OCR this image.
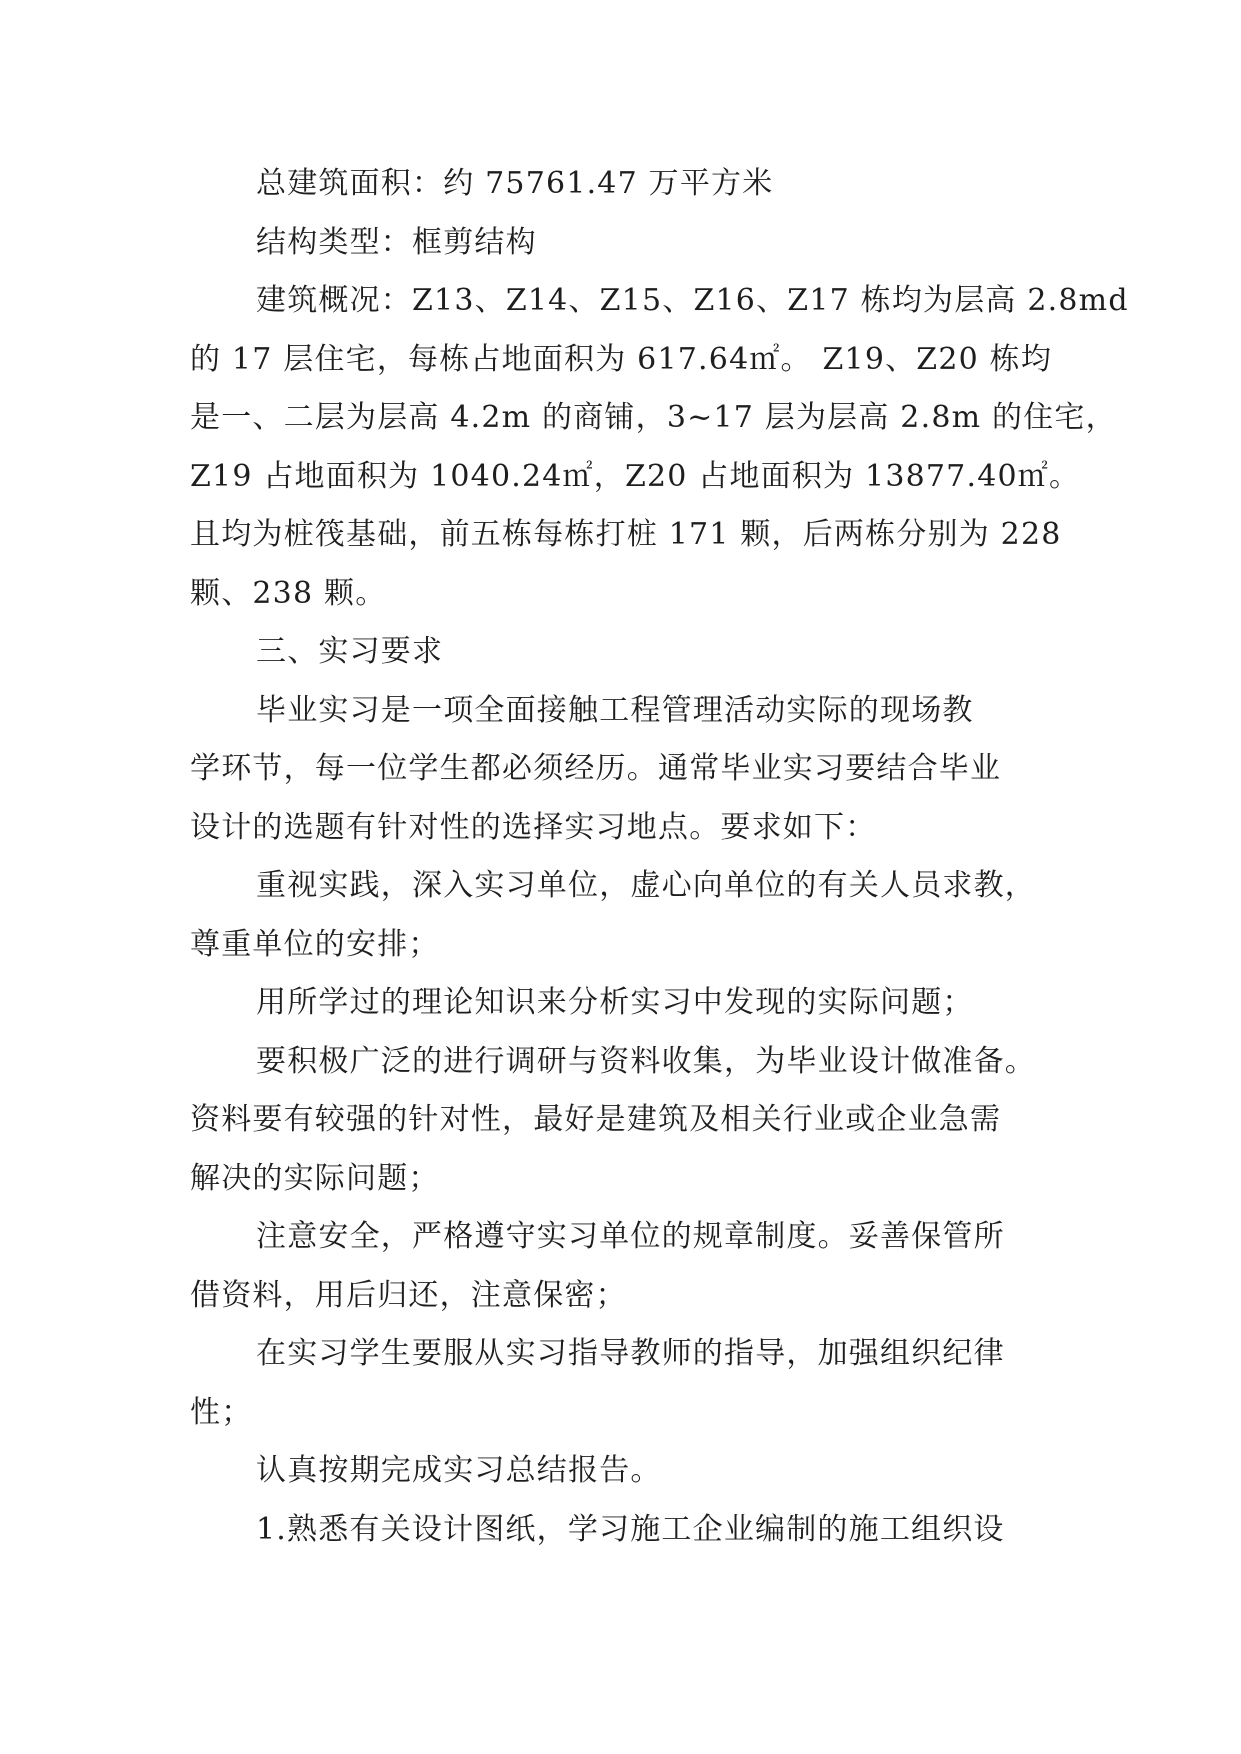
总建筑面积：约 75761.47 万平方米
结构类型：框剪结构
建筑概况：Z13、Z14、Z15、Z16、Z17 栋均为层高 2.8md
的 17 层住宅，每栋占地面积为 617.64㎡。 Z19、Z20 栋均
是一、二层为层高 4.2m 的商铺，3~17 层为层高 2.8m 的住宅，
Z19 占地面积为 1040.24㎡，Z20 占地面积为 13877.40㎡。
且均为桩筏基础，前五栋每栋打桩 171 颗，后两栋分别为 228
颗、238 颗。
三、实习要求
毕业实习是一项全面接触工程管理活动实际的现场教
学环节，每一位学生都必须经历。通常毕业实习要结合毕业
设计的选题有针对性的选择实习地点。要求如下：
重视实践，深入实习单位，虚心向单位的有关人员求教，
尊重单位的安排；
用所学过的理论知识来分析实习中发现的实际问题；
要积极广泛的进行调研与资料收集，为毕业设计做准备。
资料要有较强的针对性，最好是建筑及相关行业或企业急需
解决的实际问题；
注意安全，严格遵守实习单位的规章制度。妥善保管所
借资料，用后归还，注意保密；
在实习学生要服从实习指导教师的指导，加强组织纪律
性；
认真按期完成实习总结报告。
1.熟悉有关设计图纸，学习施工企业编制的施工组织设
